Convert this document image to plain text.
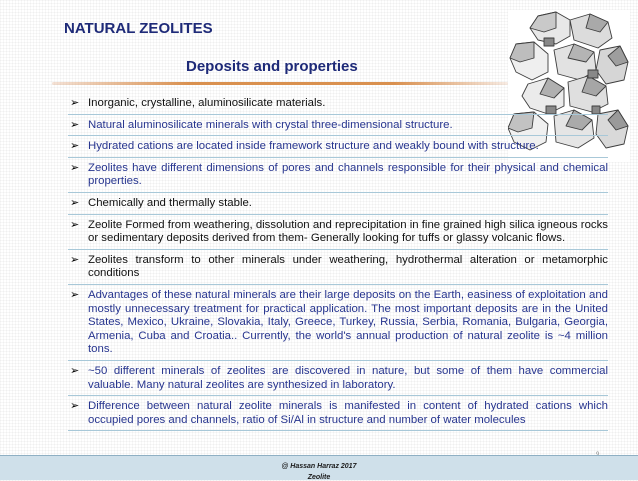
NATURAL ZEOLITES
Deposits and properties
➢ Inorganic, crystalline, aluminosilicate materials.
➢ Natural aluminosilicate minerals with crystal three-dimensional structure.
➢ Hydrated cations are located inside framework structure and weakly bound with structure.
➢ Zeolites have different dimensions of pores and channels responsible for their physical and chemical properties.
➢ Chemically and thermally stable.
➢ Zeolite Formed from weathering, dissolution and reprecipitation in fine grained high silica igneous rocks or sedimentary deposits derived from them- Generally looking for tuffs or glassy volcanic flows.
➢ Zeolites transform to other minerals under weathering, hydrothermal alteration or metamorphic conditions
➢ Advantages of these natural minerals are their large deposits on the Earth, easiness of exploitation and mostly unnecessary treatment for practical application. The most important deposits are in the United States, Mexico, Ukraine, Slovakia, Italy, Greece, Turkey, Russia, Serbia, Romania, Bulgaria, Georgia, Armenia, Cuba and Croatia.. Currently, the world's annual production of natural zeolite is ~4 million tons.
➢ ~50 different minerals of zeolites are discovered in nature, but some of them have commercial valuable. Many natural zeolites are synthesized in laboratory.
➢ Difference between natural zeolite minerals is manifested in content of hydrated cations which occupied pores and channels, ratio of Si/Al in structure and number of water molecules
@ Hassan Harraz 2017
Zeolite
